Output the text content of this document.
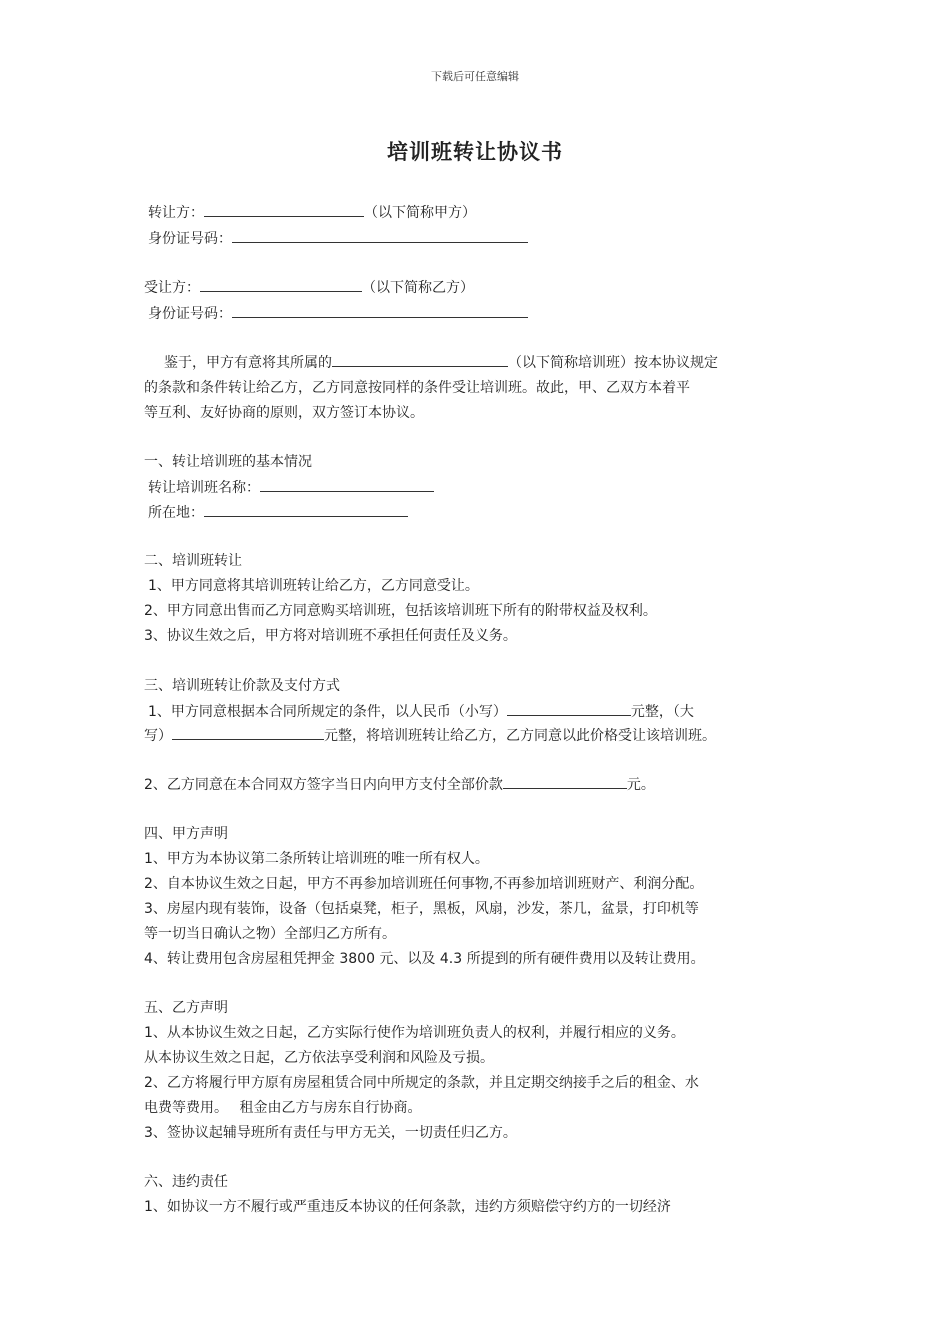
下载后可任意编辑
培训班转让协议书
转让方：	（以下简称甲方）
身份证号码：
受让方：	（以下简称乙方）
身份证号码：
鉴于，甲方有意将其所属的	（以下简称培训班）按本协议规定
的条款和条件转让给乙方，乙方同意按同样的条件受让培训班。故此，甲、乙双方本着平
等互利、友好协商的原则，双方签订本协议。
一、转让培训班的基本情况
转让培训班名称：
所在地：
二、培训班转让
1、甲方同意将其培训班转让给乙方，乙方同意受让。
2、甲方同意出售而乙方同意购买培训班，包括该培训班下所有的附带权益及权利。
3、协议生效之后，甲方将对培训班不承担任何责任及义务。
三、培训班转让价款及支付方式
1、甲方同意根据本合同所规定的条件，以人民币（小写）	元整，（大
写）	元整，将培训班转让给乙方，乙方同意以此价格受让该培训班。
2、乙方同意在本合同双方签字当日内向甲方支付全部价款	元。
四、甲方声明
1、甲方为本协议第二条所转让培训班的唯一所有权人。
2、自本协议生效之日起，甲方不再参加培训班任何事物,不再参加培训班财产、利润分配。
3、房屋内现有装饰，设备（包括桌凳，柜子，黑板，风扇，沙发，茶几，盆景，打印机等
等一切当日确认之物）全部归乙方所有。
4、转让费用包含房屋租凭押金 3800 元、以及 4.3 所提到的所有硬件费用以及转让费用。
五、乙方声明
1、从本协议生效之日起，乙方实际行使作为培训班负责人的权利，并履行相应的义务。
从本协议生效之日起，乙方依法享受利润和风险及亏损。
2、乙方将履行甲方原有房屋租赁合同中所规定的条款，并且定期交纳接手之后的租金、水
电费等费用。　 租金由乙方与房东自行协商。
3、签协议起辅导班所有责任与甲方无关，一切责任归乙方。
六、违约责任
1、如协议一方不履行或严重违反本协议的任何条款，违约方须赔偿守约方的一切经济
